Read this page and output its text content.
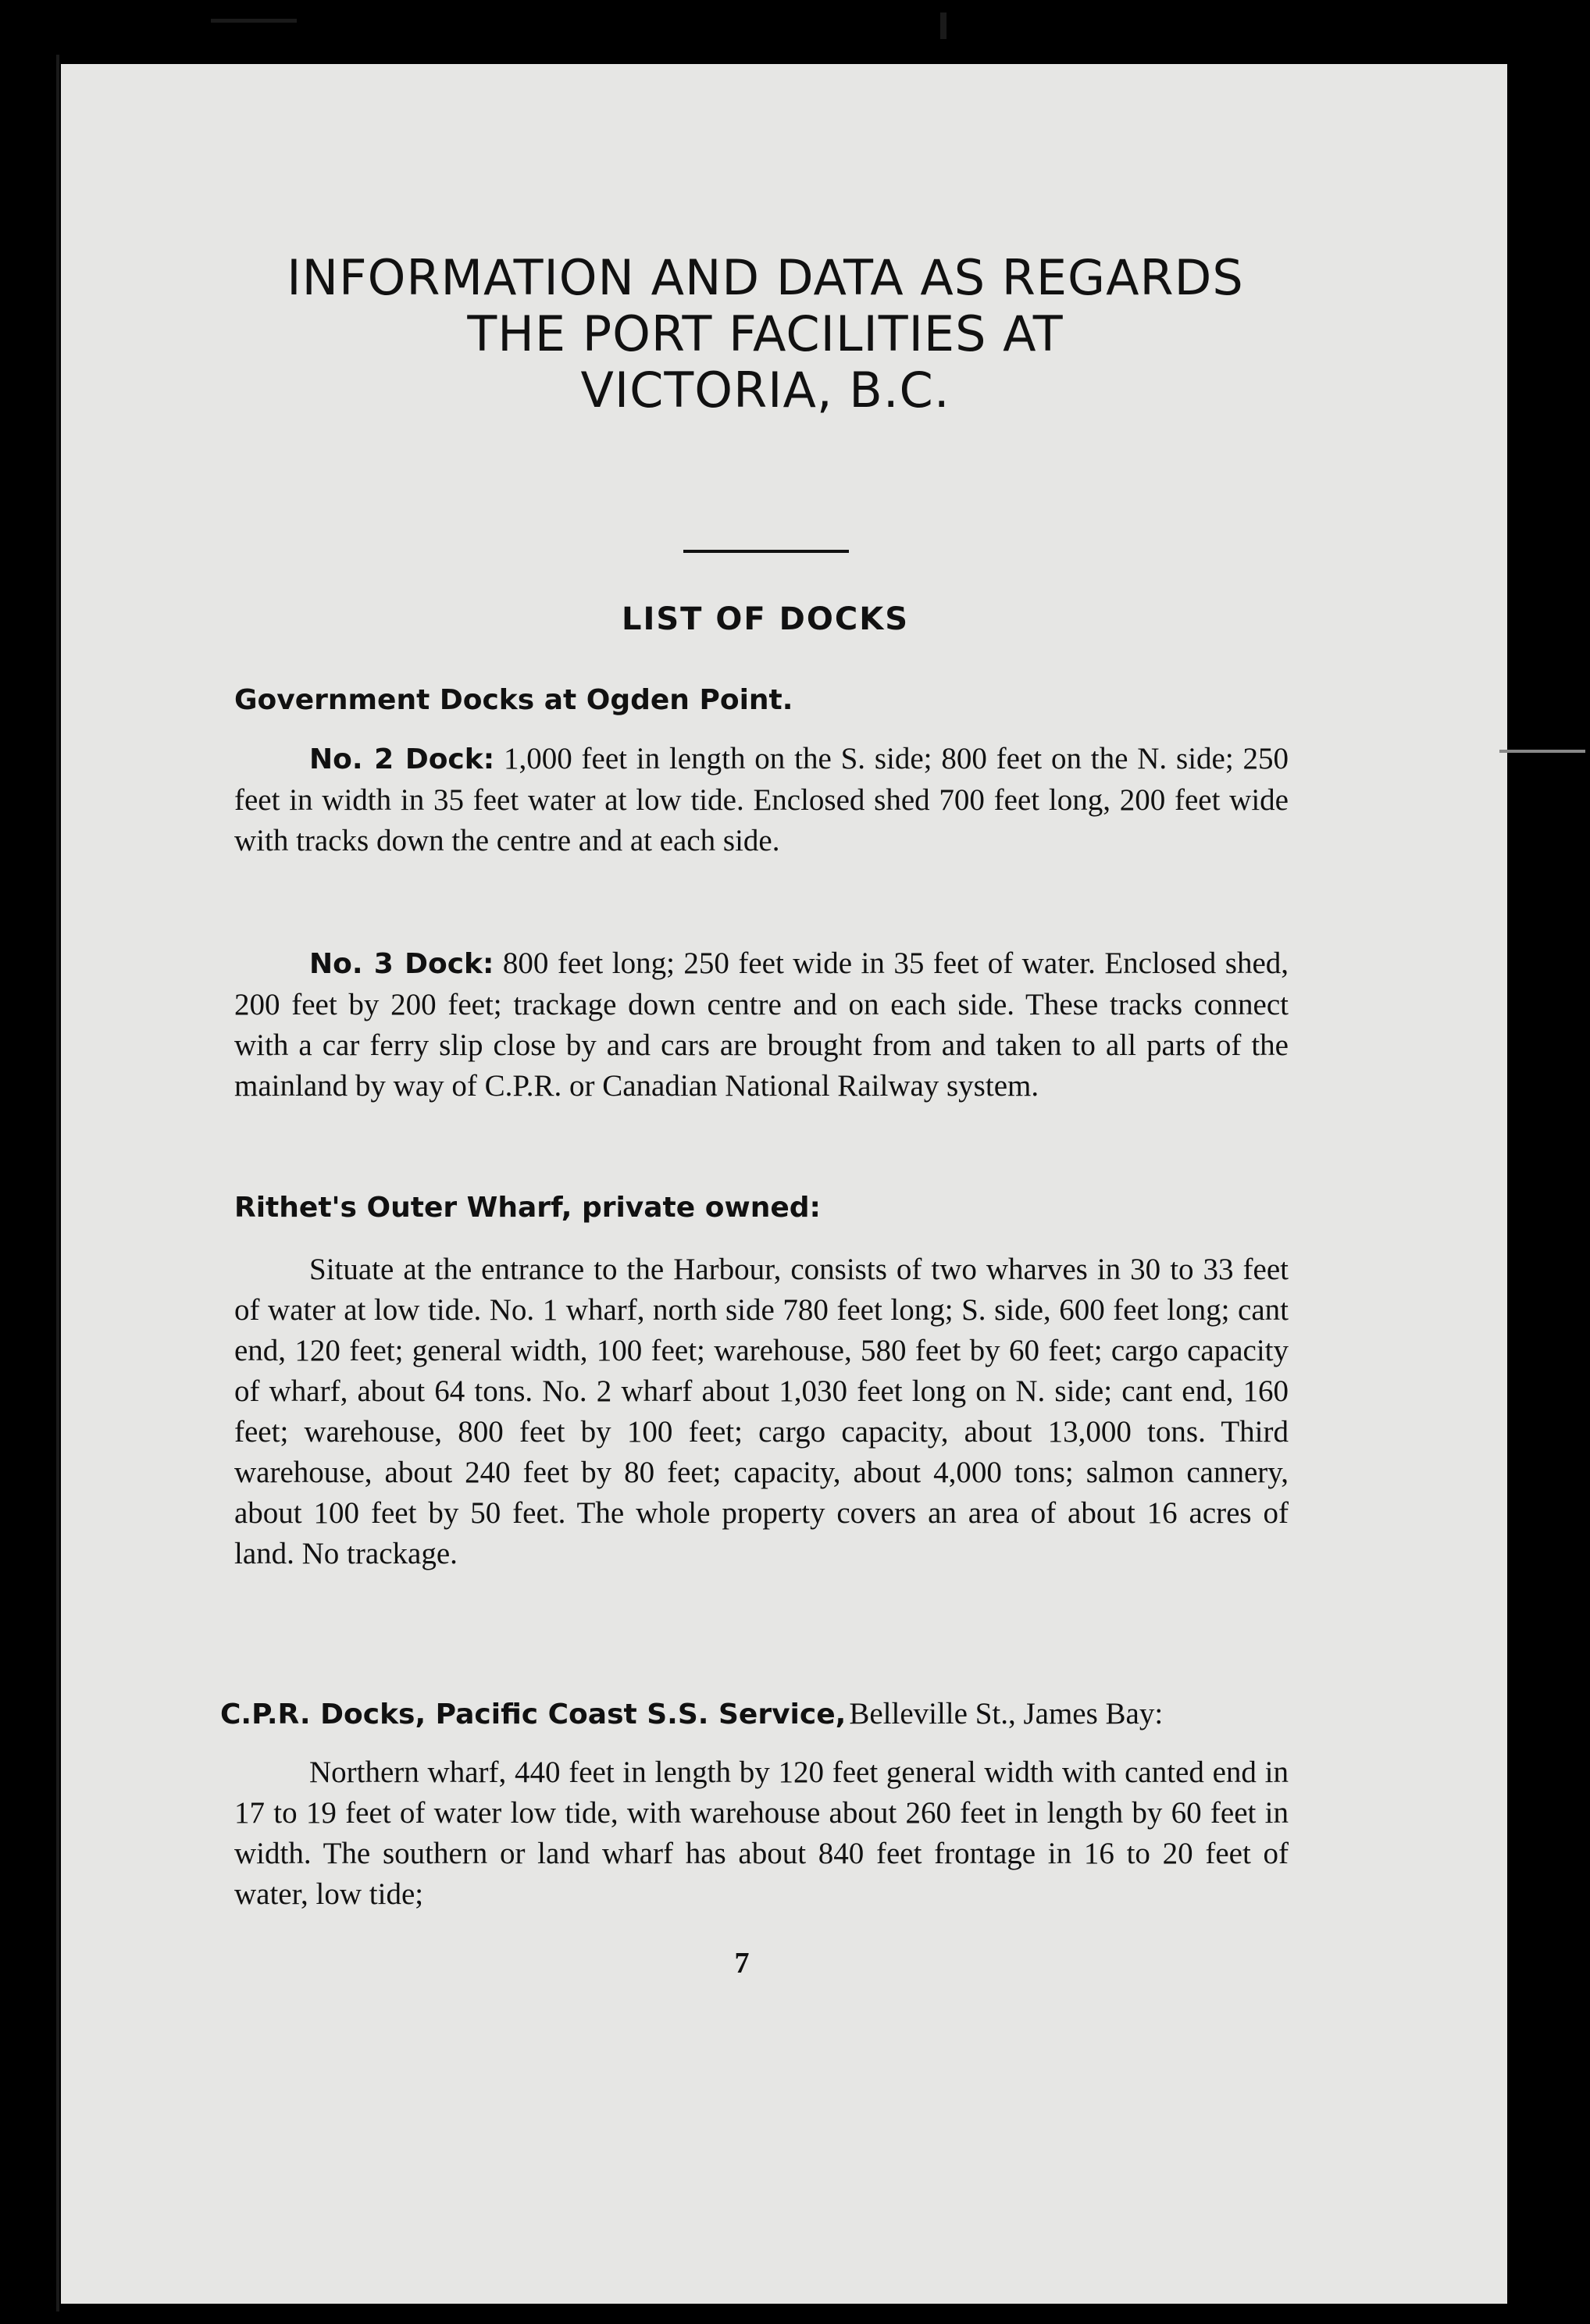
INFORMATION AND DATA AS REGARDS
THE PORT FACILITIES AT
VICTORIA, B.C.
LIST OF DOCKS
Government Docks at Ogden Point.
No. 2 Dock: 1,000 feet in length on the S. side; 800 feet on the N. side; 250 feet in width in 35 feet water at low tide. Enclosed shed 700 feet long, 200 feet wide with tracks down the centre and at each side.
No. 3 Dock: 800 feet long; 250 feet wide in 35 feet of water. Enclosed shed, 200 feet by 200 feet; trackage down centre and on each side. These tracks connect with a car ferry slip close by and cars are brought from and taken to all parts of the mainland by way of C.P.R. or Canadian National Railway system.
Rithet's Outer Wharf, private owned:
Situate at the entrance to the Harbour, consists of two wharves in 30 to 33 feet of water at low tide. No. 1 wharf, north side 780 feet long; S. side, 600 feet long; cant end, 120 feet; general width, 100 feet; warehouse, 580 feet by 60 feet; cargo capacity of wharf, about 64 tons. No. 2 wharf about 1,030 feet long on N. side; cant end, 160 feet; warehouse, 800 feet by 100 feet; cargo capacity, about 13,000 tons. Third warehouse, about 240 feet by 80 feet; capacity, about 4,000 tons; salmon cannery, about 100 feet by 50 feet. The whole property covers an area of about 16 acres of land. No trackage.
C.P.R. Docks, Pacific Coast S.S. Service, Belleville St., James Bay:
Northern wharf, 440 feet in length by 120 feet general width with canted end in 17 to 19 feet of water low tide, with warehouse about 260 feet in length by 60 feet in width. The southern or land wharf has about 840 feet frontage in 16 to 20 feet of water, low tide;
7
